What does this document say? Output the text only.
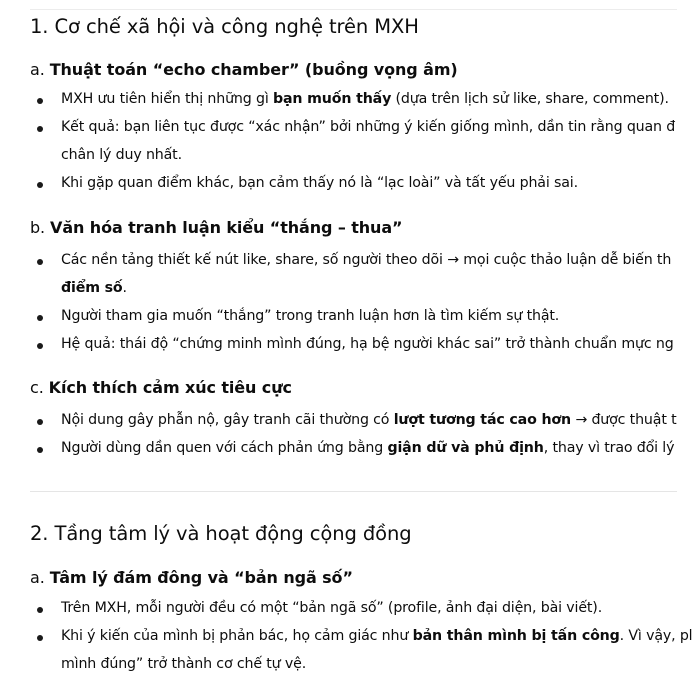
1. Cơ chế xã hội và công nghệ trên MXH
a. Thuật toán “echo chamber” (buồng vọng âm)
MXH ưu tiên hiển thị những gì bạn muốn thấy (dựa trên lịch sử like, share, comment).
Kết quả: bạn liên tục được “xác nhận” bởi những ý kiến giống mình, dần tin rằng quan đ
chân lý duy nhất.
Khi gặp quan điểm khác, bạn cảm thấy nó là “lạc loài” và tất yếu phải sai.
b. Văn hóa tranh luận kiểu “thắng – thua”
Các nền tảng thiết kế nút like, share, số người theo dõi → mọi cuộc thảo luận dễ biến th
điểm số.
Người tham gia muốn “thắng” trong tranh luận hơn là tìm kiếm sự thật.
Hệ quả: thái độ “chứng minh mình đúng, hạ bệ người khác sai” trở thành chuẩn mực ng
c. Kích thích cảm xúc tiêu cực
Nội dung gây phẫn nộ, gây tranh cãi thường có lượt tương tác cao hơn → được thuật t
Người dùng dần quen với cách phản ứng bằng giận dữ và phủ định, thay vì trao đổi lý
2. Tầng tâm lý và hoạt động cộng đồng
a. Tâm lý đám đông và “bản ngã số”
Trên MXH, mỗi người đều có một “bản ngã số” (profile, ảnh đại diện, bài viết).
Khi ý kiến của mình bị phản bác, họ cảm giác như bản thân mình bị tấn công. Vì vậy, pl
mình đúng” trở thành cơ chế tự vệ.
